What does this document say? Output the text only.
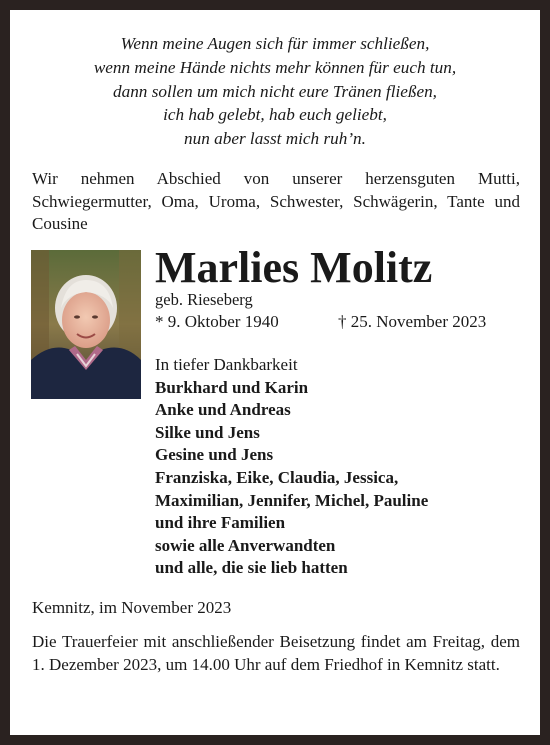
Wenn meine Augen sich für immer schließen,
wenn meine Hände nichts mehr können für euch tun,
dann sollen um mich nicht eure Tränen fließen,
ich hab gelebt, hab euch geliebt,
nun aber lasst mich ruh’n.
Wir nehmen Abschied von unserer herzensguten Mutti, Schwiegermutter, Oma, Uroma, Schwester, Schwägerin, Tante und Cousine
Marlies Molitz
geb. Rieseberg
* 9. Oktober 1940	† 25. November 2023
In tiefer Dankbarkeit
Burkhard und Karin
Anke und Andreas
Silke und Jens
Gesine und Jens
Franziska, Eike, Claudia, Jessica,
Maximilian, Jennifer, Michel, Pauline
und ihre Familien
sowie alle Anverwandten
und alle, die sie lieb hatten
Kemnitz, im November 2023
Die Trauerfeier mit anschließender Beisetzung findet am Freitag, dem 1. Dezember 2023, um 14.00 Uhr auf dem Friedhof in Kemnitz statt.
